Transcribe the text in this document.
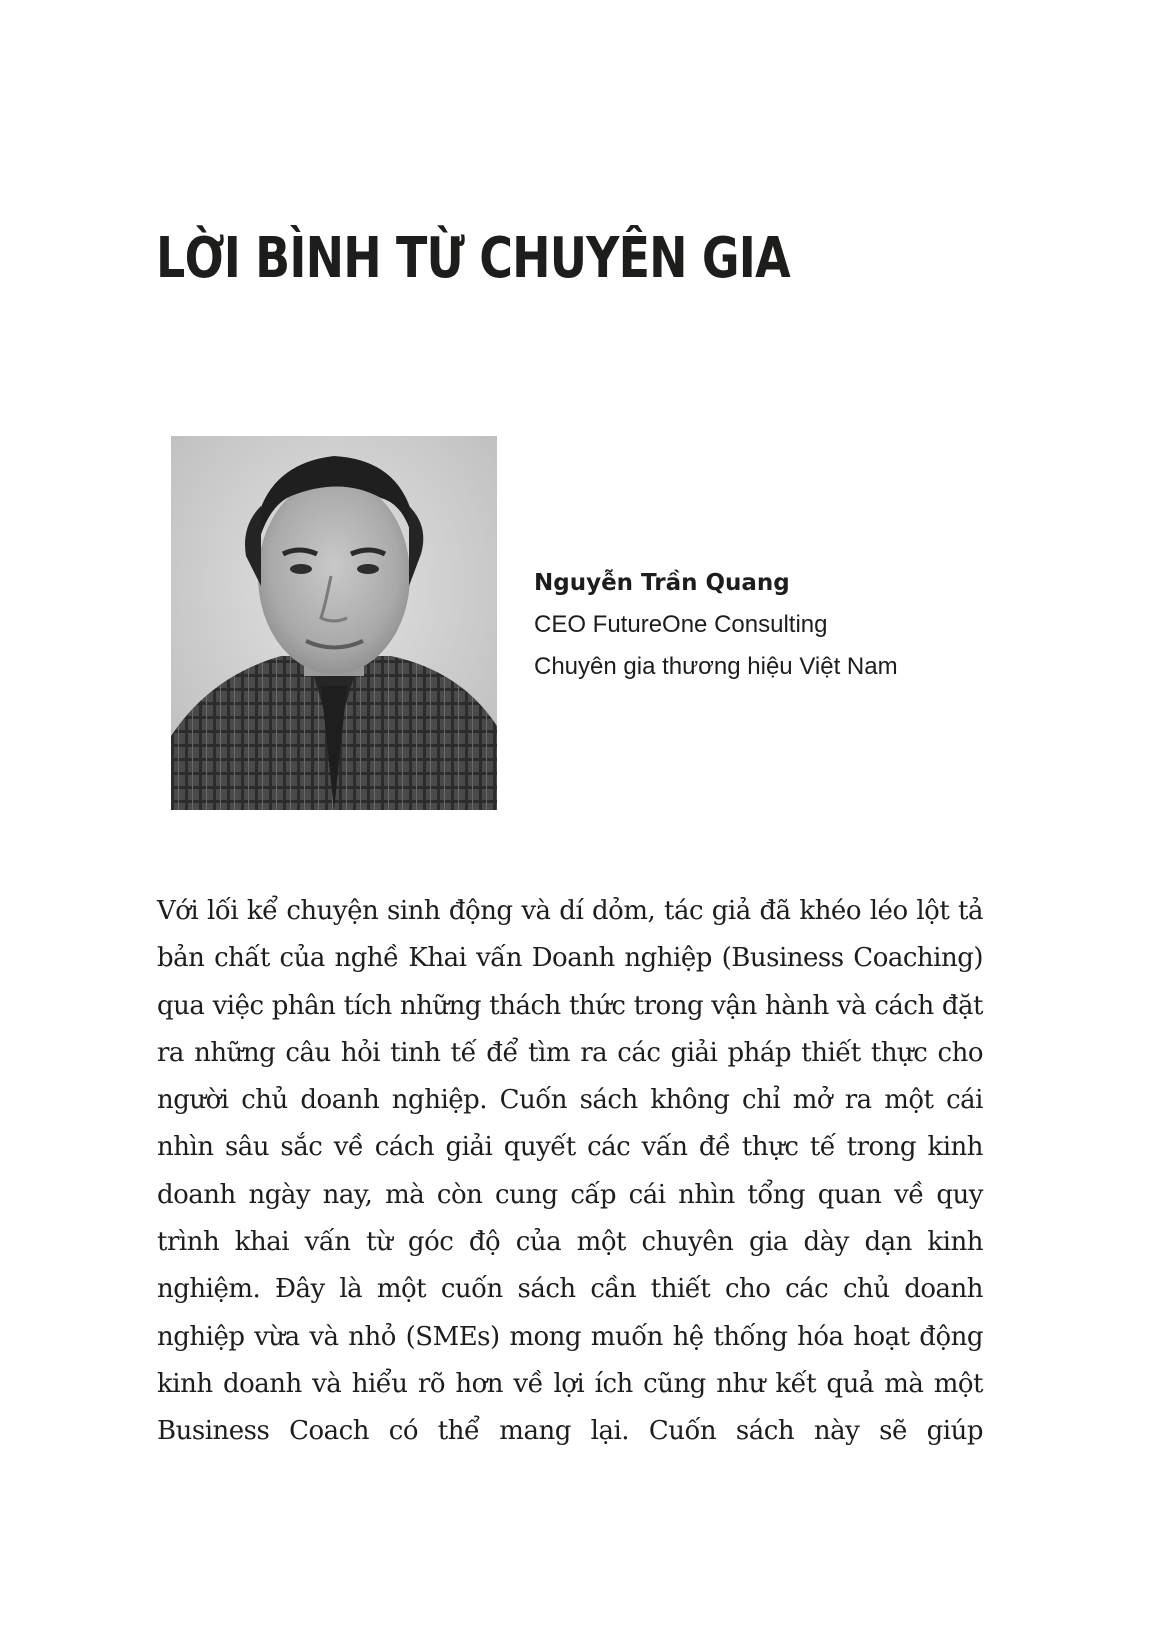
LỜI BÌNH TỪ CHUYÊN GIA
Nguyễn Trần Quang
CEO FutureOne Consulting
Chuyên gia thương hiệu Việt Nam

Với lối kể chuyện sinh động và dí dỏm, tác giả đã khéo léo lột tả bản chất của nghề Khai vấn Doanh nghiệp (Business Coaching) qua việc phân tích những thách thức trong vận hành và cách đặt ra những câu hỏi tinh tế để tìm ra các giải pháp thiết thực cho người chủ doanh nghiệp. Cuốn sách không chỉ mở ra một cái nhìn sâu sắc về cách giải quyết các vấn đề thực tế trong kinh doanh ngày nay, mà còn cung cấp cái nhìn tổng quan về quy trình khai vấn từ góc độ của một chuyên gia dày dạn kinh nghiệm. Đây là một cuốn sách cần thiết cho các chủ doanh nghiệp vừa và nhỏ (SMEs) mong muốn hệ thống hóa hoạt động kinh doanh và hiểu rõ hơn về lợi ích cũng như kết quả mà một Business Coach có thể mang lại. Cuốn sách này sẽ giúp
